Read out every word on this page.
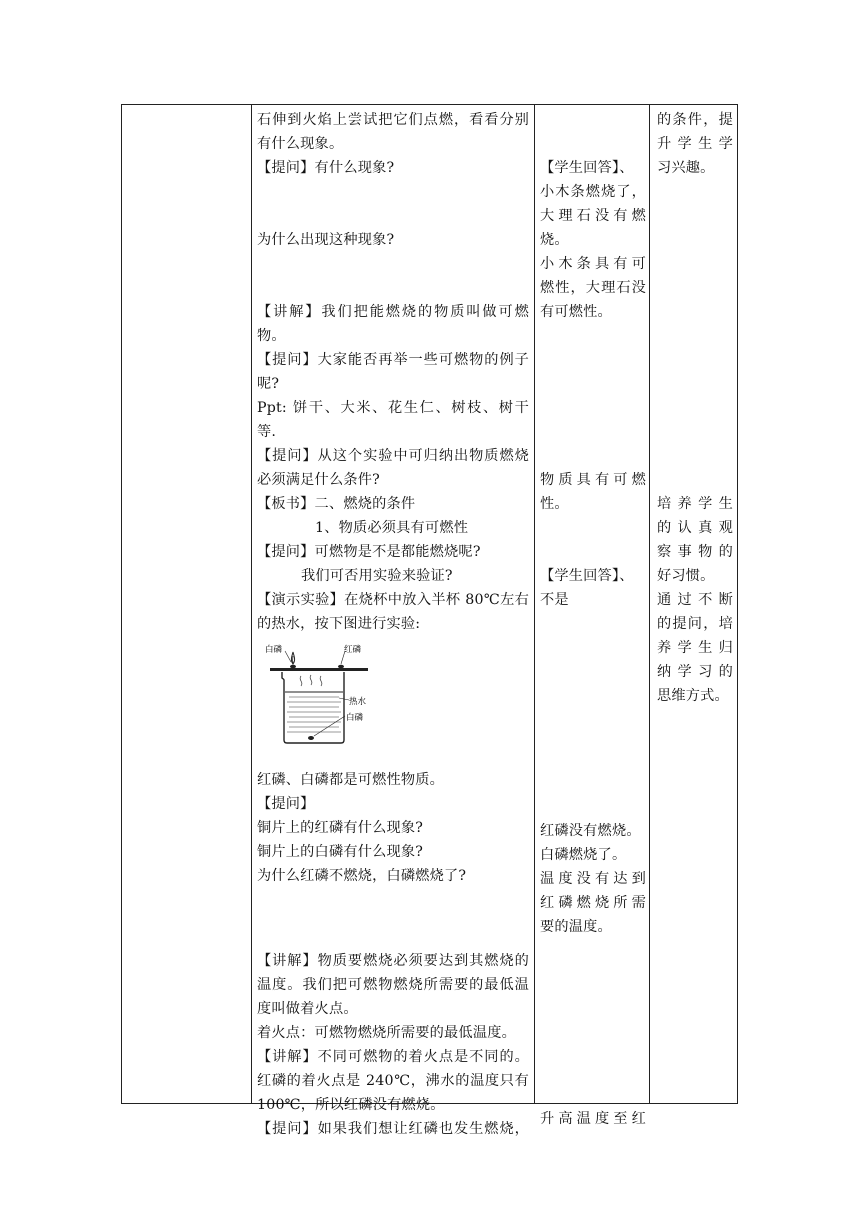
石伸到火焰上尝试把它们点燃，看看分别
有什么现象。
【提问】有什么现象?
为什么出现这种现象?
【讲解】我们把能燃烧的物质叫做可燃
物。
【提问】大家能否再举一些可燃物的例子
呢?
Ppt: 饼干、大米、花生仁、树枝、树干
等.
【提问】从这个实验中可归纳出物质燃烧
必须满足什么条件?
【板书】二、燃烧的条件
1、物质必须具有可燃性
【提问】可燃物是不是都能燃烧呢?
我们可否用实验来验证?
【演示实验】在烧杯中放入半杯 80℃左右
的热水，按下图进行实验:
白磷	红磷
热水
白磷
红磷、白磷都是可燃性物质。
【提问】
铜片上的红磷有什么现象?
铜片上的白磷有什么现象?
为什么红磷不燃烧，白磷燃烧了?
【讲解】物质要燃烧必须要达到其燃烧的
温度。我们把可燃物燃烧所需要的最低温
度叫做着火点。
着火点：可燃物燃烧所需要的最低温度。
【讲解】不同可燃物的着火点是不同的。
红磷的着火点是 240℃，沸水的温度只有
100℃，所以红磷没有燃烧。
【提问】如果我们想让红磷也发生燃烧，
【学生回答】、
小木条燃烧了，
大理石没有燃
烧。
小木条具有可
燃性，大理石没
有可燃性。
物质具有可燃
性。
【学生回答】、
不是
红磷没有燃烧。
白磷燃烧了。
温度没有达到
红磷燃烧所需
要的温度。
升高温度至红
的条件，提
升学生学
习兴趣。
培养学生
的认真观
察事物的
好习惯。
通过不断
的提问，培
养学生归
纳学习的
思维方式。
